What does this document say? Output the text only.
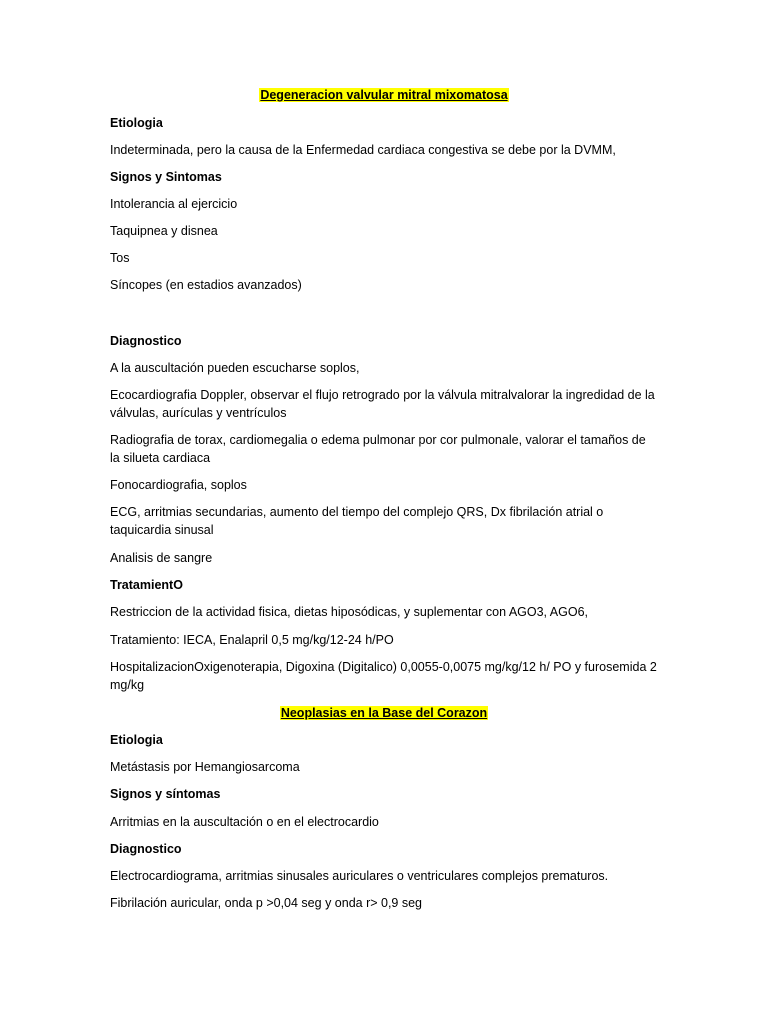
Degeneracion valvular mitral mixomatosa
Etiologia
Indeterminada, pero la causa de la Enfermedad cardiaca congestiva se debe por la DVMM,
Signos y Sintomas
Intolerancia al ejercicio
Taquipnea y disnea
Tos
Síncopes (en estadios avanzados)
Diagnostico
A la auscultación pueden escucharse soplos,
Ecocardiografia Doppler, observar el flujo retrogrado por la válvula mitralvalorar la ingredidad de la válvulas, aurículas y ventrículos
Radiografia de torax, cardiomegalia o edema pulmonar por cor pulmonale, valorar el tamaños de la silueta cardiaca
Fonocardiografia, soplos
ECG, arritmias secundarias, aumento del tiempo del complejo QRS, Dx fibrilación atrial o taquicardia sinusal
Analisis de sangre
TratamientO
Restriccion de la actividad fisica, dietas hiposódicas, y suplementar con AGO3, AGO6,
Tratamiento: IECA, Enalapril 0,5 mg/kg/12-24 h/PO
HospitalizacionOxigenoterapia, Digoxina (Digitalico) 0,0055-0,0075 mg/kg/12 h/ PO y furosemida 2 mg/kg
Neoplasias en la Base del Corazon
Etiologia
Metástasis por Hemangiosarcoma
Signos y síntomas
Arritmias en la auscultación o en el electrocardio
Diagnostico
Electrocardiograma, arritmias sinusales auriculares o ventriculares complejos prematuros.
Fibrilación auricular, onda p >0,04 seg y onda r> 0,9 seg
